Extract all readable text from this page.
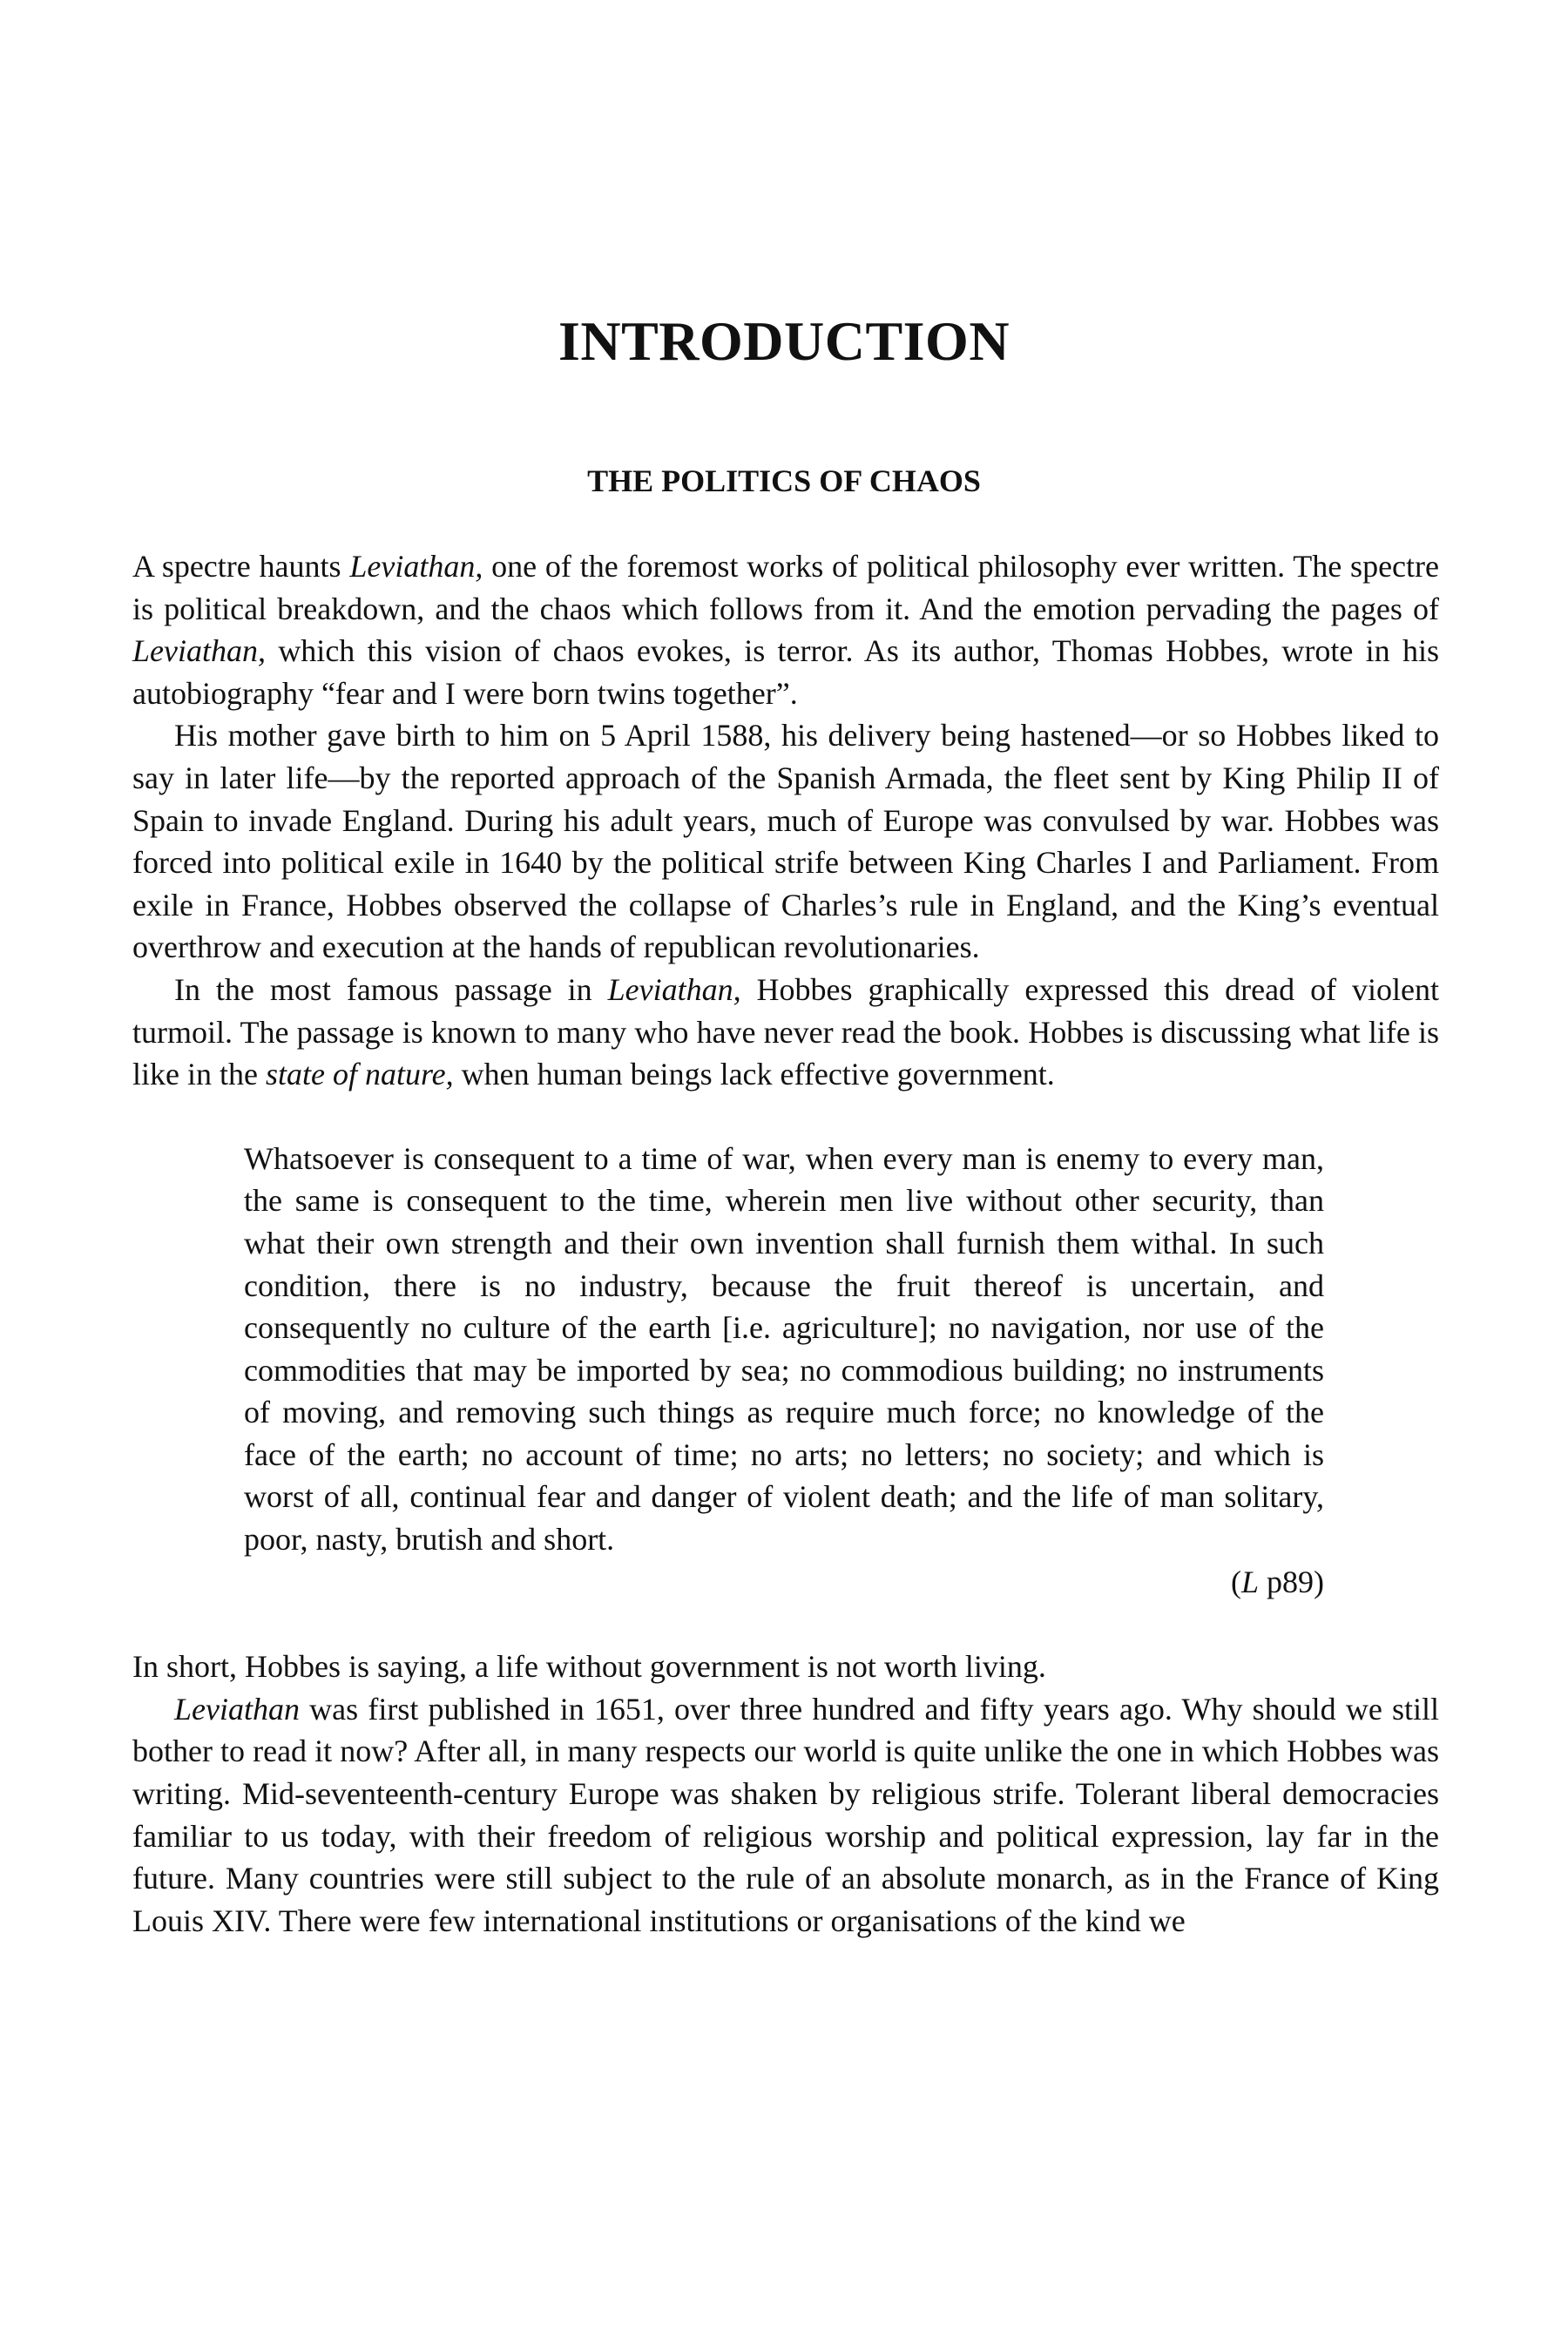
INTRODUCTION
THE POLITICS OF CHAOS

A spectre haunts Leviathan, one of the foremost works of political philosophy ever written. The spectre is political breakdown, and the chaos which follows from it. And the emotion pervading the pages of Leviathan, which this vision of chaos evokes, is terror. As its author, Thomas Hobbes, wrote in his autobiography “fear and I were born twins together”.

His mother gave birth to him on 5 April 1588, his delivery being hastened—or so Hobbes liked to say in later life—by the reported approach of the Spanish Armada, the fleet sent by King Philip II of Spain to invade England. During his adult years, much of Europe was convulsed by war. Hobbes was forced into political exile in 1640 by the political strife between King Charles I and Parliament. From exile in France, Hobbes observed the collapse of Charles’s rule in England, and the King’s eventual overthrow and execution at the hands of republican revolutionaries.

In the most famous passage in Leviathan, Hobbes graphically expressed this dread of violent turmoil. The passage is known to many who have never read the book. Hobbes is discussing what life is like in the state of nature, when human beings lack effective government.

Whatsoever is consequent to a time of war, when every man is enemy to every man, the same is consequent to the time, wherein men live without other security, than what their own strength and their own invention shall furnish them withal. In such condition, there is no industry, because the fruit thereof is uncertain, and consequently no culture of the earth [i.e. agriculture]; no navigation, nor use of the commodities that may be imported by sea; no commodious building; no instruments of moving, and removing such things as require much force; no knowledge of the face of the earth; no account of time; no arts; no letters; no society; and which is worst of all, continual fear and danger of violent death; and the life of man solitary, poor, nasty, brutish and short.

(L p89)

In short, Hobbes is saying, a life without government is not worth living.

Leviathan was first published in 1651, over three hundred and fifty years ago. Why should we still bother to read it now? After all, in many respects our world is quite unlike the one in which Hobbes was writing. Mid-seventeenth-century Europe was shaken by religious strife. Tolerant liberal democracies familiar to us today, with their freedom of religious worship and political expression, lay far in the future. Many countries were still subject to the rule of an absolute monarch, as in the France of King Louis XIV. There were few international institutions or organisations of the kind we
